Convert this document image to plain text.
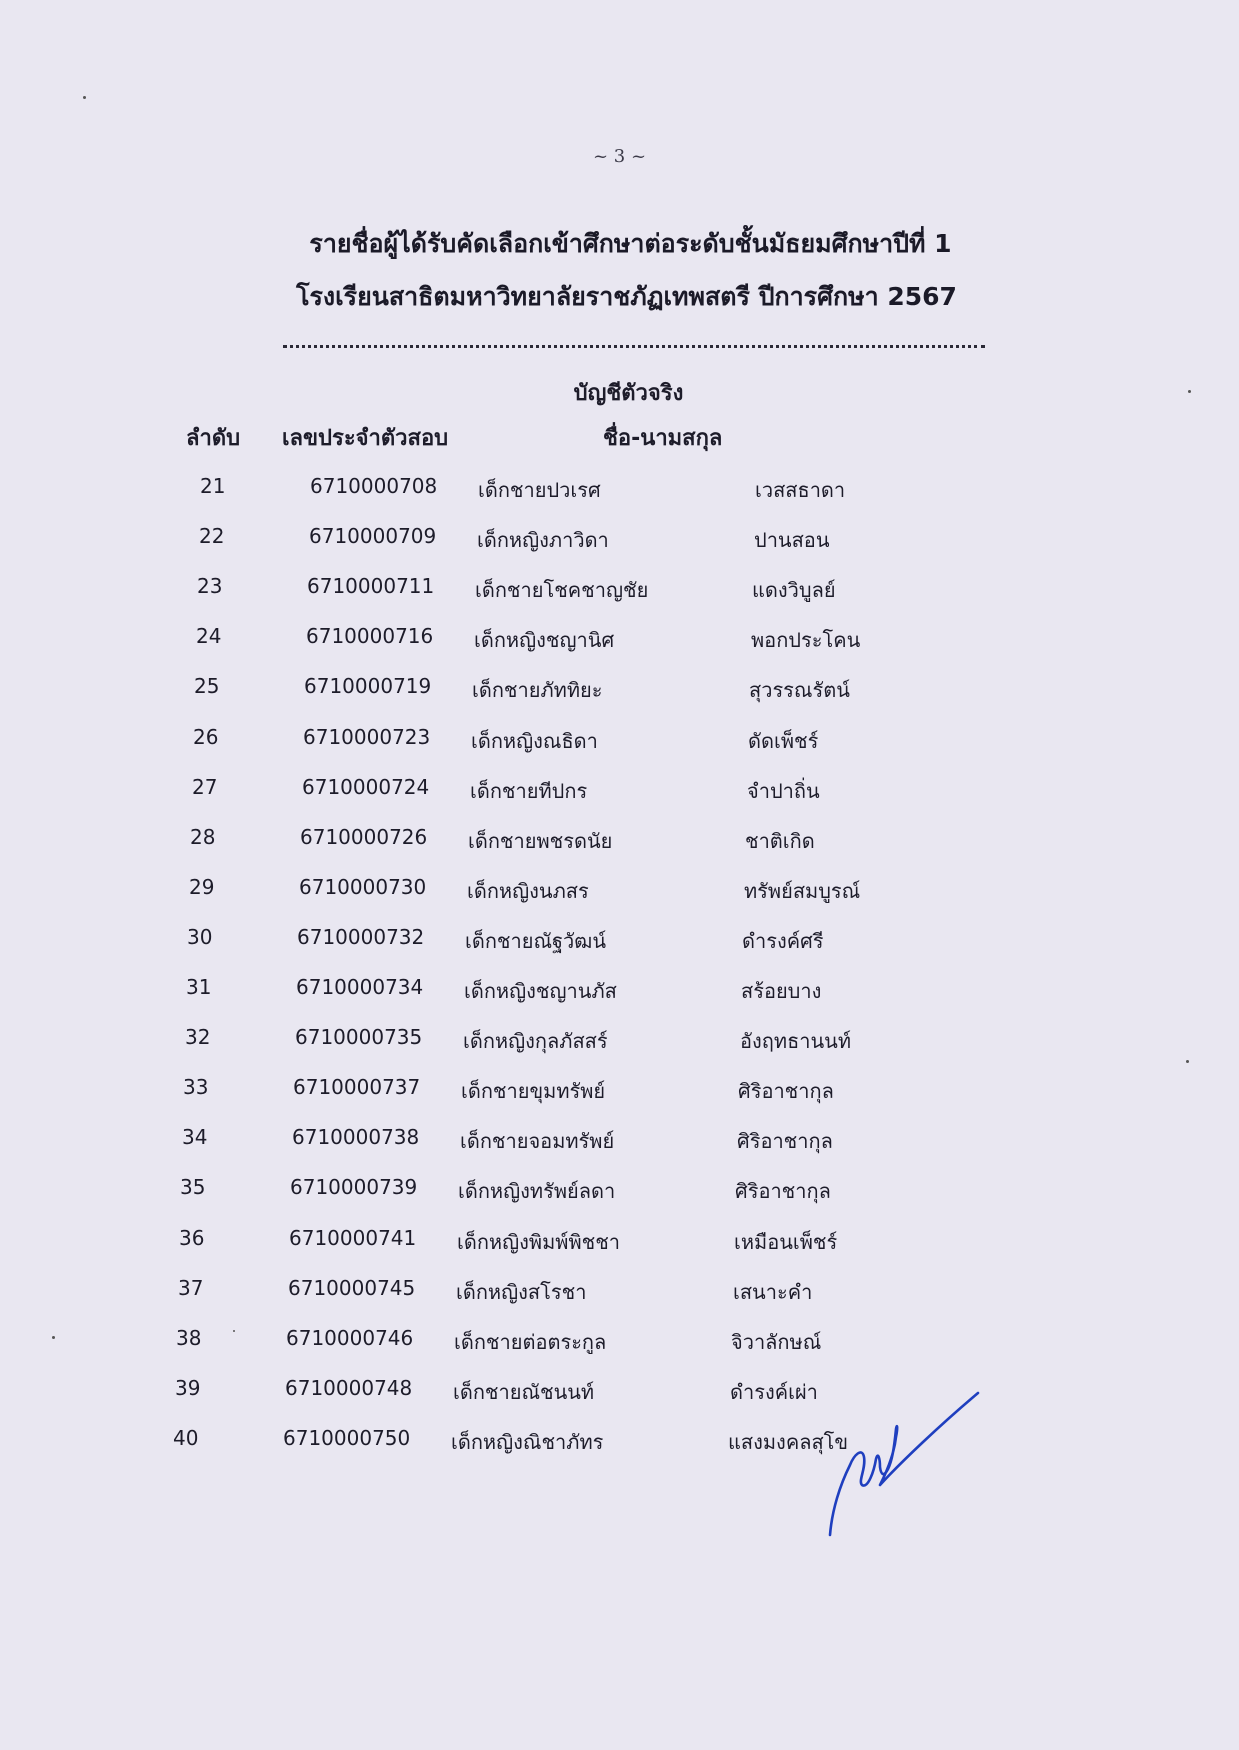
~ 3 ~
รายชื่อผู้ได้รับคัดเลือกเข้าศึกษาต่อระดับชั้นมัธยมศึกษาปีที่ 1
โรงเรียนสาธิตมหาวิทยาลัยราชภัฏเทพสตรี ปีการศึกษา 2567
บัญชีตัวจริง
ลำดับ เลขประจำตัวสอบ	ชื่อ-นามสกุล
21	6710000708 เด็กชายปวเรศ	เวสสธาดา
22	6710000709 เด็กหญิงภาวิดา	ปานสอน
23	6710000711 เด็กชายโชคชาญชัย	แดงวิบูลย์
24	6710000716 เด็กหญิงชญานิศ	พอกประโคน
25	6710000719 เด็กชายภัททิยะ	สุวรรณรัตน์
26	6710000723 เด็กหญิงณธิดา	ดัดเพ็ชร์
27	6710000724 เด็กชายทีปกร	จำปาถิ่น
28	6710000726 เด็กชายพชรดนัย	ชาติเกิด
29	6710000730 เด็กหญิงนภสร	ทรัพย์สมบูรณ์
30	6710000732 เด็กชายณัฐวัฒน์	ดำรงค์ศรี
31	6710000734 เด็กหญิงชญานภัส	สร้อยบาง
32	6710000735 เด็กหญิงกุลภัสสร์	อังฤทธานนท์
33	6710000737 เด็กชายขุมทรัพย์	ศิริอาชากุล
34	6710000738 เด็กชายจอมทรัพย์	ศิริอาชากุล
35	6710000739 เด็กหญิงทรัพย์ลดา	ศิริอาชากุล
36	6710000741 เด็กหญิงพิมพ์พิชชา	เหมือนเพ็ชร์
37	6710000745 เด็กหญิงสโรชา	เสนาะคำ
38	6710000746 เด็กชายต่อตระกูล	จิวาลักษณ์
39	6710000748 เด็กชายณัชนนท์	ดำรงค์เผ่า
40	6710000750 เด็กหญิงณิชาภัทร	แสงมงคลสุโข
